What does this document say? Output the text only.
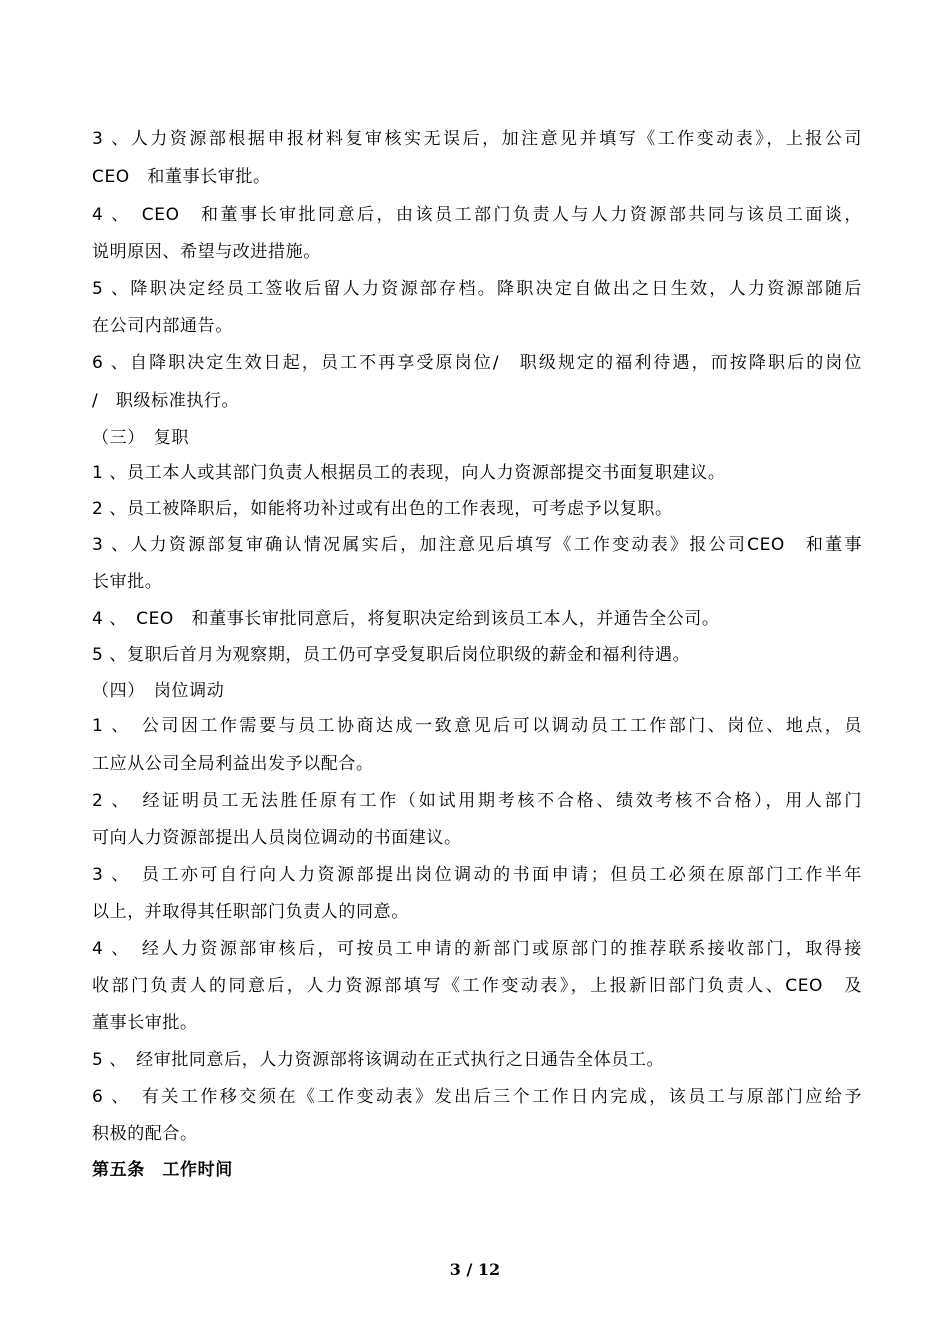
3 、人力资源部根据申报材料复审核实无误后，加注意见并填写《工作变动表》，上报公司
CEO　和董事长审批。
4 、　CEO　和董事长审批同意后，由该员工部门负责人与人力资源部共同与该员工面谈，
说明原因、希望与改进措施。
5 、降职决定经员工签收后留人力资源部存档。降职决定自做出之日生效，人力资源部随后
在公司内部通告。
6 、自降职决定生效日起，员工不再享受原岗位/　职级规定的福利待遇，而按降职后的岗位
/　职级标准执行。
（三）　复职
1 、员工本人或其部门负责人根据员工的表现，向人力资源部提交书面复职建议。
2 、员工被降职后，如能将功补过或有出色的工作表现，可考虑予以复职。
3 、人力资源部复审确认情况属实后，加注意见后填写《工作变动表》报公司CEO　和董事
长审批。
4 、　CEO　和董事长审批同意后，将复职决定给到该员工本人，并通告全公司。
5 、复职后首月为观察期，员工仍可享受复职后岗位职级的薪金和福利待遇。
（四）　岗位调动
1 、　公司因工作需要与员工协商达成一致意见后可以调动员工工作部门、岗位、地点，员
工应从公司全局利益出发予以配合。
2 、　经证明员工无法胜任原有工作（如试用期考核不合格、绩效考核不合格），用人部门
可向人力资源部提出人员岗位调动的书面建议。
3 、　员工亦可自行向人力资源部提出岗位调动的书面申请；但员工必须在原部门工作半年
以上，并取得其任职部门负责人的同意。
4 、　经人力资源部审核后，可按员工申请的新部门或原部门的推荐联系接收部门，取得接
收部门负责人的同意后，人力资源部填写《工作变动表》，上报新旧部门负责人、CEO　及
董事长审批。
5 、　经审批同意后，人力资源部将该调动在正式执行之日通告全体员工。
6 、　有关工作移交须在《工作变动表》发出后三个工作日内完成，该员工与原部门应给予
积极的配合。
第五条　工作时间
3 / 12
